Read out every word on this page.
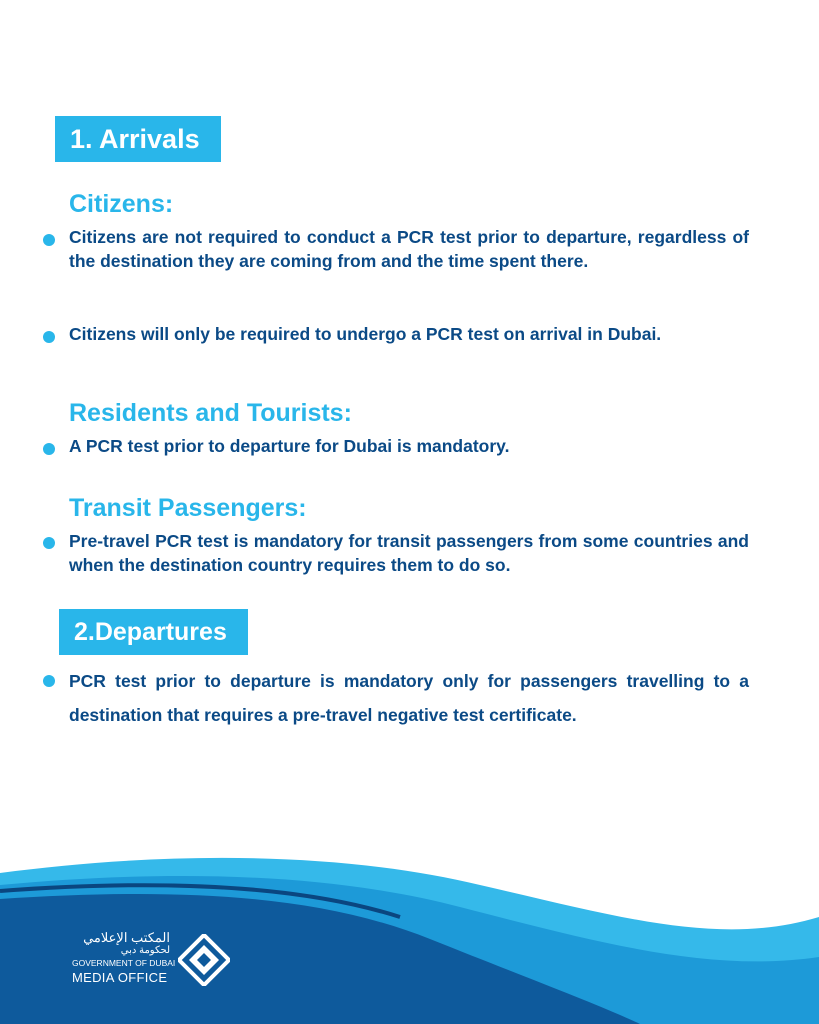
1. Arrivals
Citizens:
Citizens are not required to conduct a PCR test prior to departure, regardless of the destination they are coming from and the time spent there.
Citizens will only be required to undergo a PCR test on arrival in Dubai.
Residents and Tourists:
A PCR test prior to departure for Dubai is mandatory.
Transit Passengers:
Pre-travel PCR test is mandatory for transit passengers from some countries and when the destination country requires them to do so.
2.Departures
PCR test prior to departure is mandatory only for passengers travelling to a destination that requires a pre-travel negative test certificate.
المكتب الإعلامي
لحكومة دبي
GOVERNMENT OF DUBAI
MEDIA OFFICE
